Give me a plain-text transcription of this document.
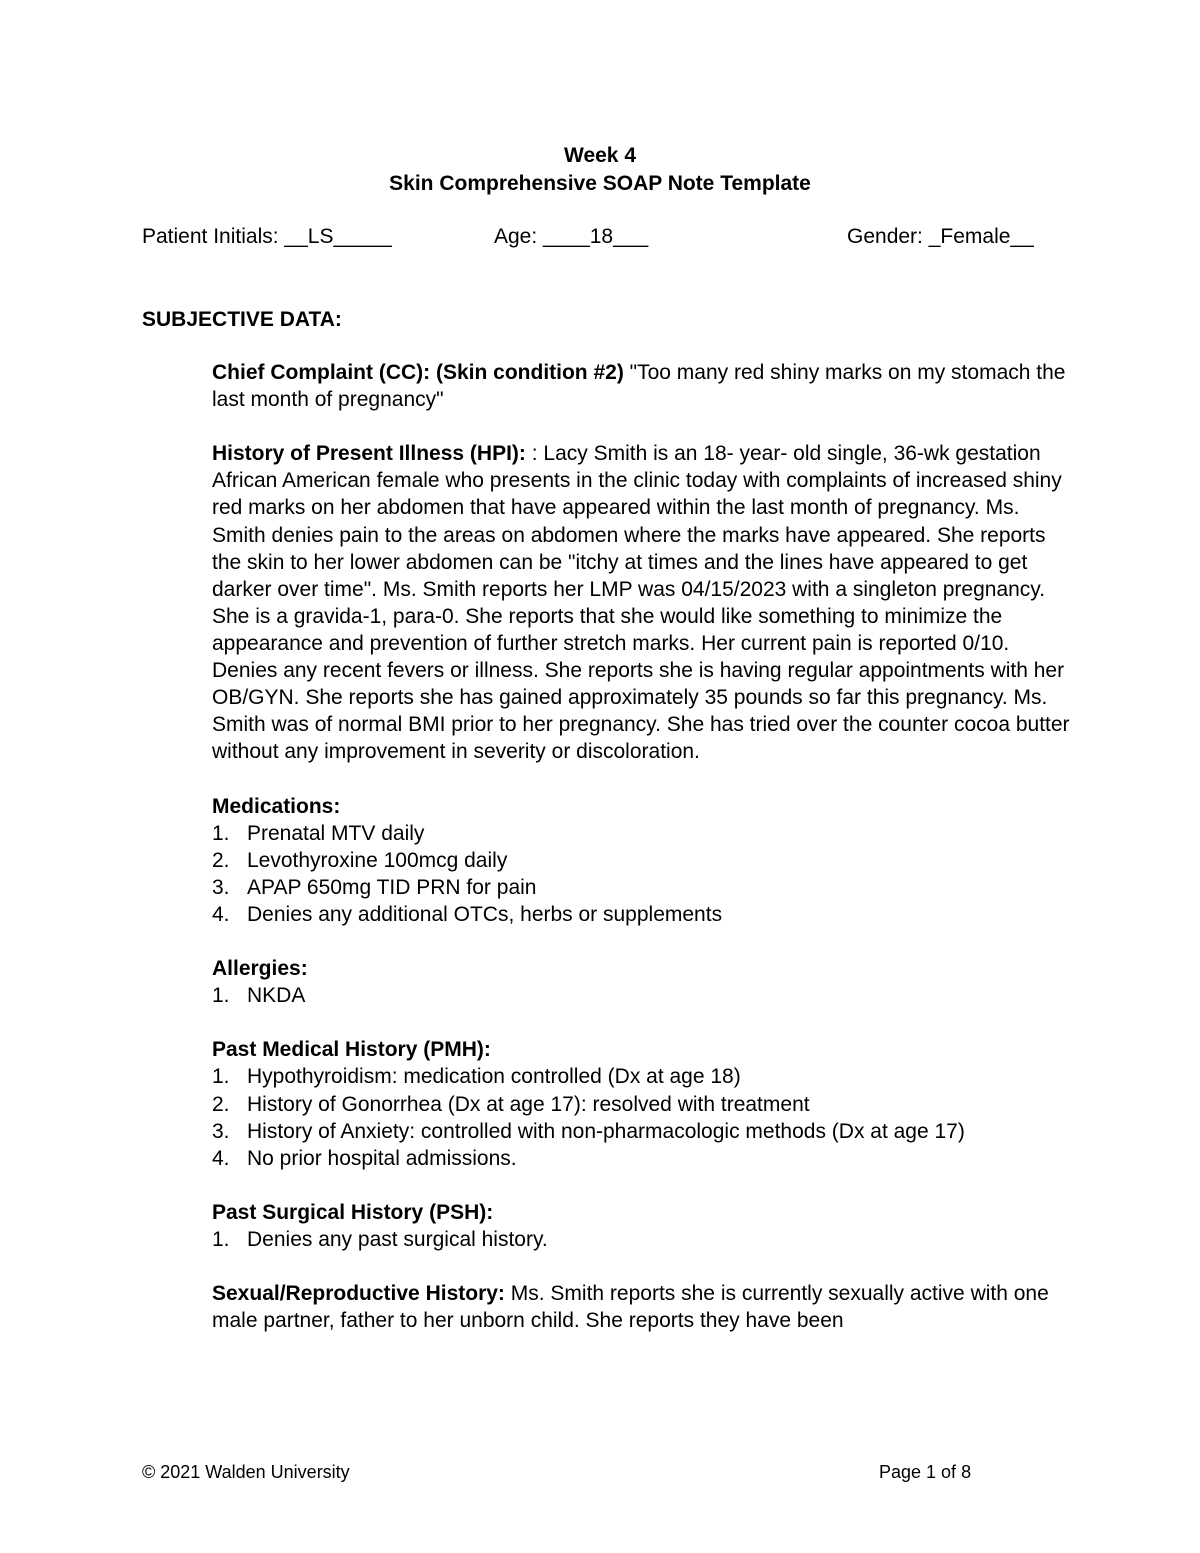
Week 4
Skin Comprehensive SOAP Note Template
Patient Initials: __LS_____	Age: ____18___	Gender: _Female__
SUBJECTIVE DATA:

Chief Complaint (CC): (Skin condition #2) "Too many red shiny marks on my stomach the last month of pregnancy"

History of Present Illness (HPI): : Lacy Smith is an 18- year- old single, 36-wk gestation African American female who presents in the clinic today with complaints of increased shiny red marks on her abdomen that have appeared within the last month of pregnancy. Ms. Smith denies pain to the areas on abdomen where the marks have appeared. She reports the skin to her lower abdomen can be "itchy at times and the lines have appeared to get darker over time". Ms. Smith reports her LMP was 04/15/2023 with a singleton pregnancy. She is a gravida-1, para-0. She reports that she would like something to minimize the appearance and prevention of further stretch marks. Her current pain is reported 0/10. Denies any recent fevers or illness. She reports she is having regular appointments with her OB/GYN. She reports she has gained approximately 35 pounds so far this pregnancy. Ms. Smith was of normal BMI prior to her pregnancy. She has tried over the counter cocoa butter without any improvement in severity or discoloration.

Medications:
1. Prenatal MTV daily
2. Levothyroxine 100mcg daily
3. APAP 650mg TID PRN for pain
4. Denies any additional OTCs, herbs or supplements
Allergies:
1. NKDA
Past Medical History (PMH):
1. Hypothyroidism: medication controlled (Dx at age 18)
2. History of Gonorrhea (Dx at age 17): resolved with treatment
3. History of Anxiety: controlled with non-pharmacologic methods (Dx at age 17)
4. No prior hospital admissions.
Past Surgical History (PSH):
1. Denies any past surgical history.

Sexual/Reproductive History: Ms. Smith reports she is currently sexually active with one male partner, father to her unborn child. She reports they have been

© 2021 Walden University	Page 1 of 8
